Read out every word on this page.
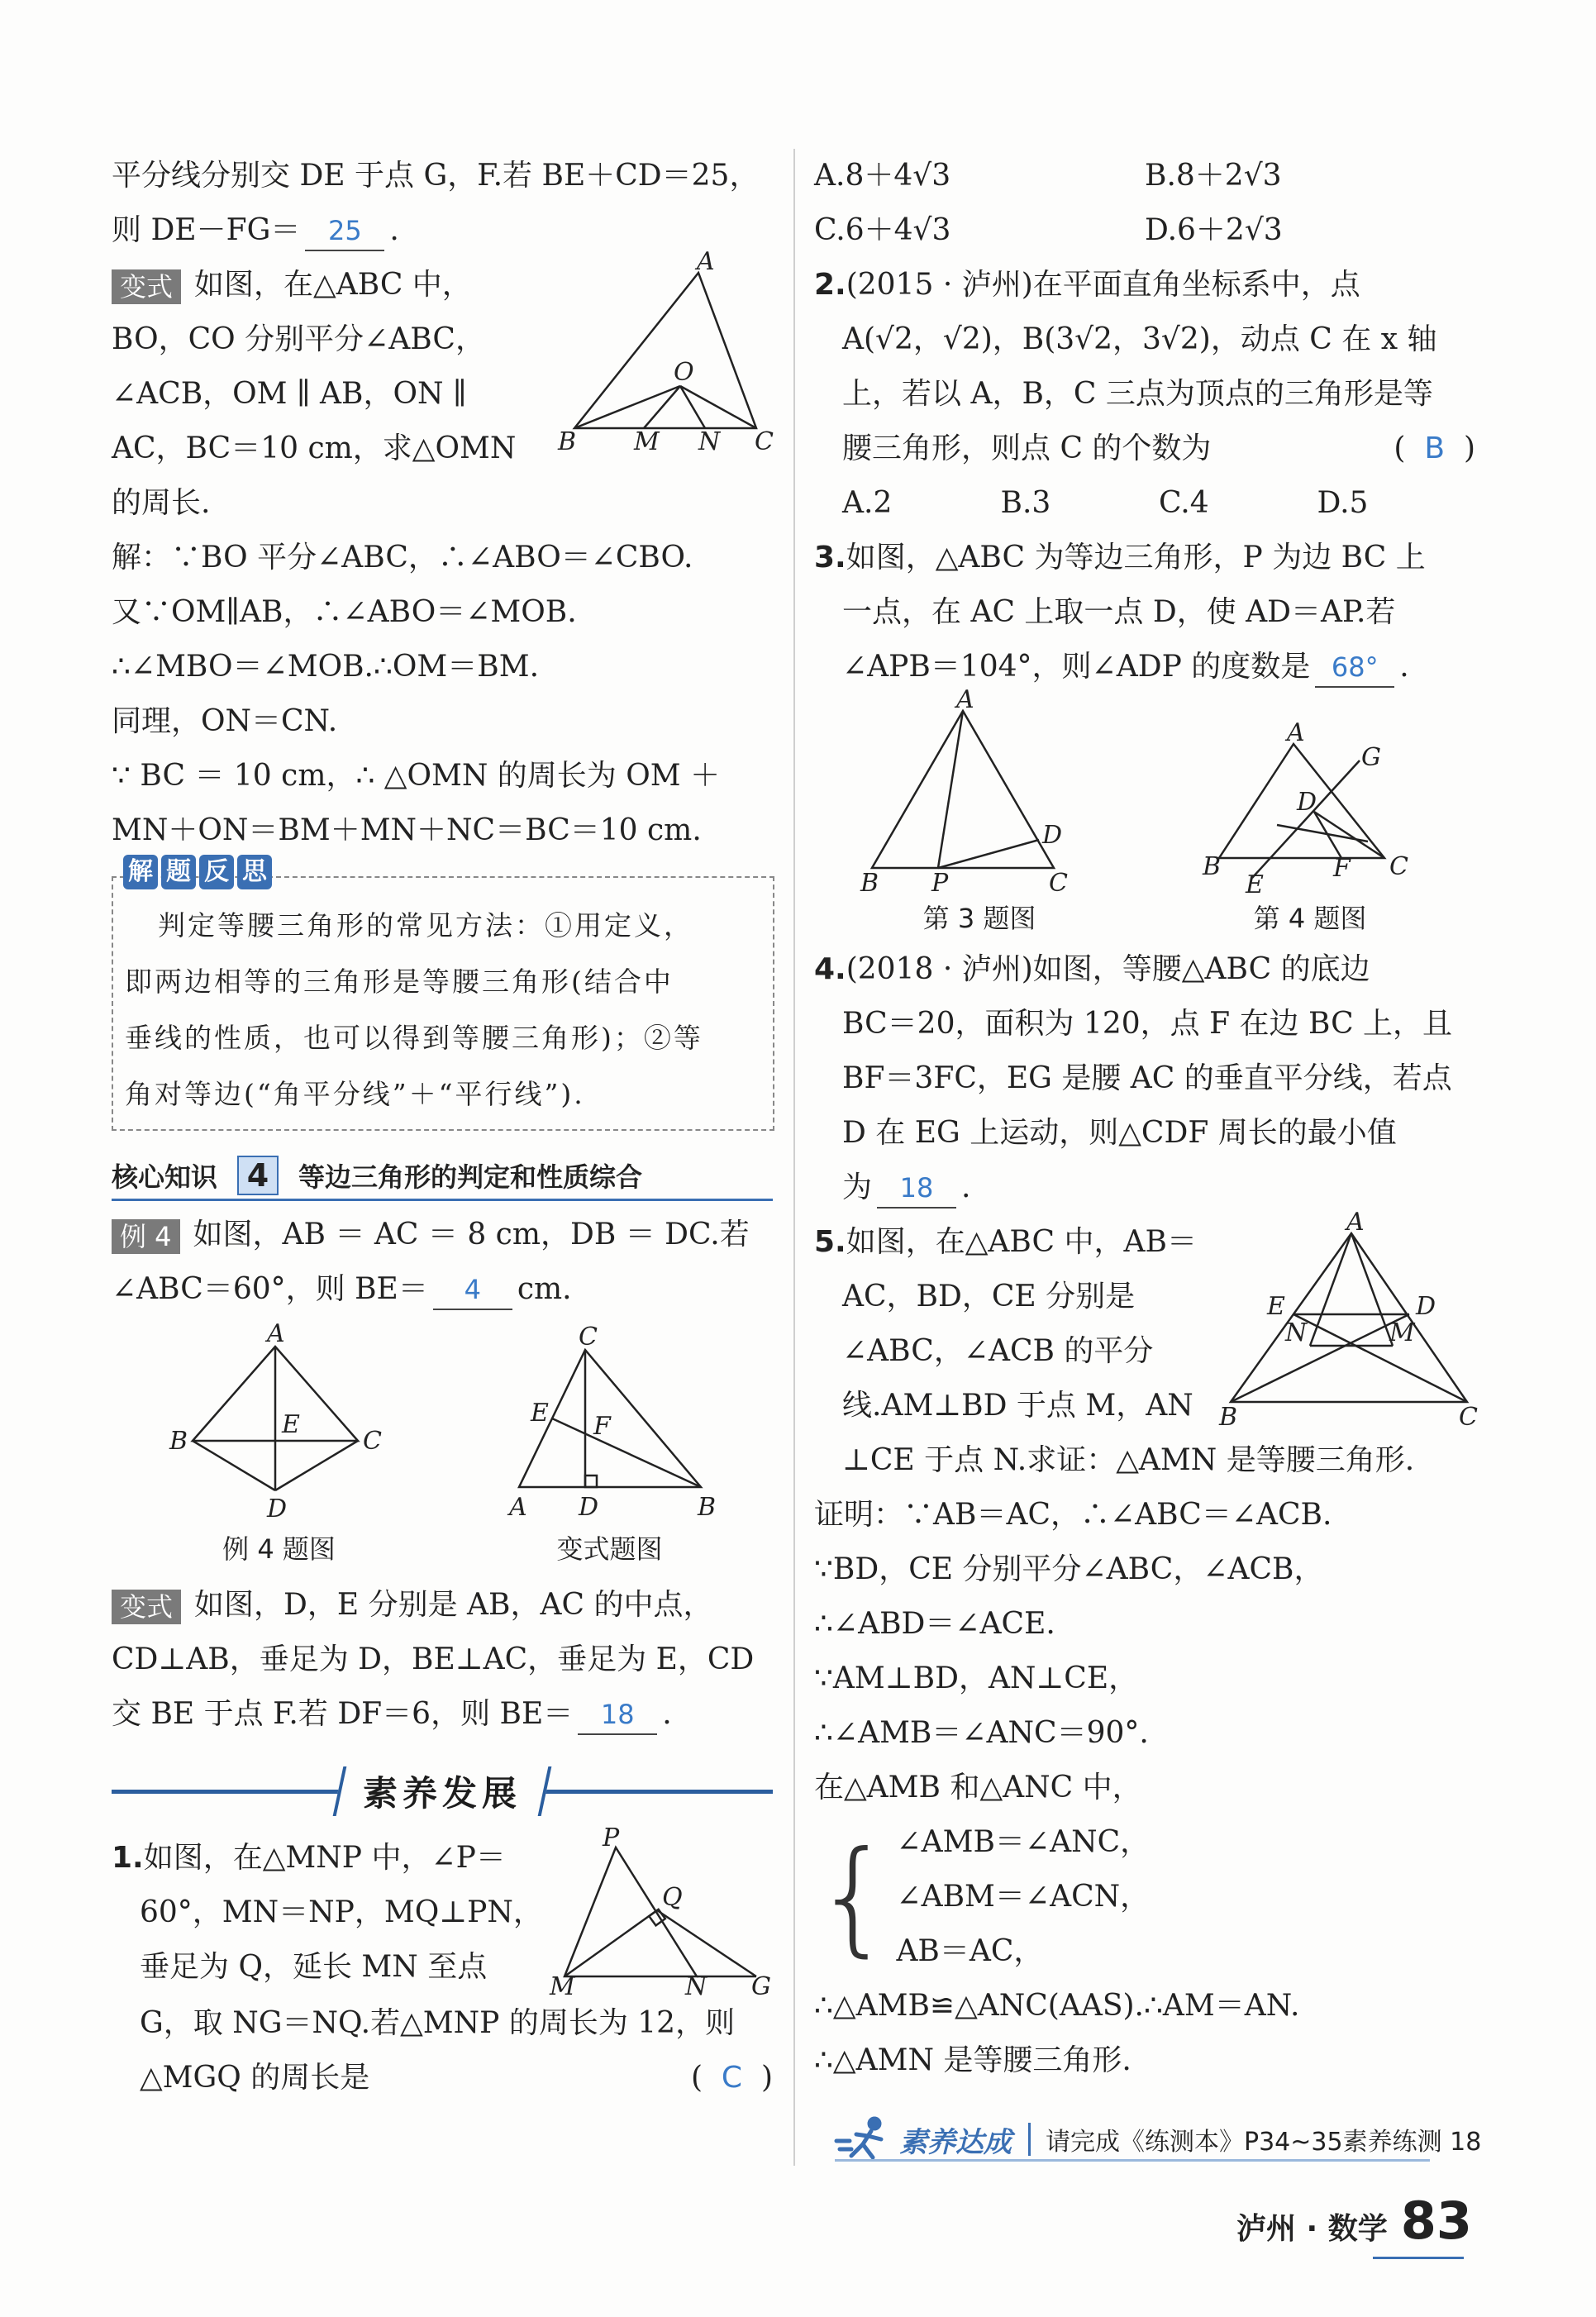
平分线分别交 DE 于点 G，F.若 BE＋CD＝25，
则 DE－FG＝ 25 .
变式 如图，在△ABC 中，
BO，CO 分别平分∠ABC，
∠ACB，OM ∥ AB，ON ∥
AC，BC＝10 cm，求△OMN
的周长.
A
O
B M N C
解：∵BO 平分∠ABC，∴∠ABO＝∠CBO.
又∵OM∥AB，∴∠ABO＝∠MOB.
∴∠MBO＝∠MOB.∴OM＝BM.
同理，ON＝CN.
∵ BC ＝ 10 cm，∴ △OMN 的周长为 OM ＋
MN＋ON＝BM＋MN＋NC＝BC＝10 cm.
解 题 反 思
判定等腰三角形的常见方法：①用定义，
即两边相等的三角形是等腰三角形(结合中
垂线的性质，也可以得到等腰三角形)；②等
角对等边(“角平分线”＋“平行线”).
核心知识 4	等边三角形的判定和性质综合
例 4 如图，AB ＝ AC ＝ 8 cm，DB ＝ DC.若
∠ABC＝60°，则 BE＝ 4 cm.
A
B	C
E
D
例 4 题图
C
E F
A D	B
变式题图
变式 如图，D，E 分别是 AB，AC 的中点，
CD⊥AB，垂足为 D，BE⊥AC，垂足为 E，CD
交 BE 于点 F.若 DF＝6，则 BE＝ 18 .
素养发展
1.如图，在△MNP 中，∠P＝
60°，MN＝NP，MQ⊥PN，
垂足为 Q，延长 MN 至点
P
Q
M	N G
G，取 NG＝NQ.若△MNP 的周长为 12，则
△MGQ 的周长是	(  C  )
A.8＋4√3	B.8＋2√3
C.6＋4√3	D.6＋2√3
2.(2015 · 泸州)在平面直角坐标系中，点
A(√2，√2)，B(3√2，3√2)，动点 C 在 x 轴
上，若以 A，B，C 三点为顶点的三角形是等
腰三角形，则点 C 的个数为	(  B  )
A.2	B.3	C.4	D.5
3.如图，△ABC 为等边三角形，P 为边 BC 上
一点，在 AC 上取一点 D，使 AD＝AP.若
∠APB＝104°，则∠ADP 的度数是 68° .
A
D
B P	C
第 3 题图
A
G
D
B	F C
E
第 4 题图
4.(2018 · 泸州)如图，等腰△ABC 的底边
BC＝20，面积为 120，点 F 在边 BC 上，且
BF＝3FC，EG 是腰 AC 的垂直平分线，若点
D 在 EG 上运动，则△CDF 周长的最小值
为 18 .
5.如图，在△ABC 中，AB＝
AC，BD，CE 分别是
∠ABC，∠ACB 的平分
线.AM⊥BD 于点 M，AN
A
E	D
N	M
B	C
⊥CE 于点 N.求证：△AMN 是等腰三角形.
证明：∵AB＝AC，∴∠ABC＝∠ACB.
∵BD，CE 分别平分∠ABC，∠ACB，
∴∠ABD＝∠ACE.
∵AM⊥BD，AN⊥CE，
∴∠AMB＝∠ANC＝90°.
在△AMB 和△ANC 中，
{ ∠AMB＝∠ANC，
∠ABM＝∠ACN，
AB＝AC，
∴△AMB≌△ANC(AAS).∴AM＝AN.
∴△AMN 是等腰三角形.
素养达成 请完成《练测本》P34~35素养练测 18
泸州 · 数学 83
